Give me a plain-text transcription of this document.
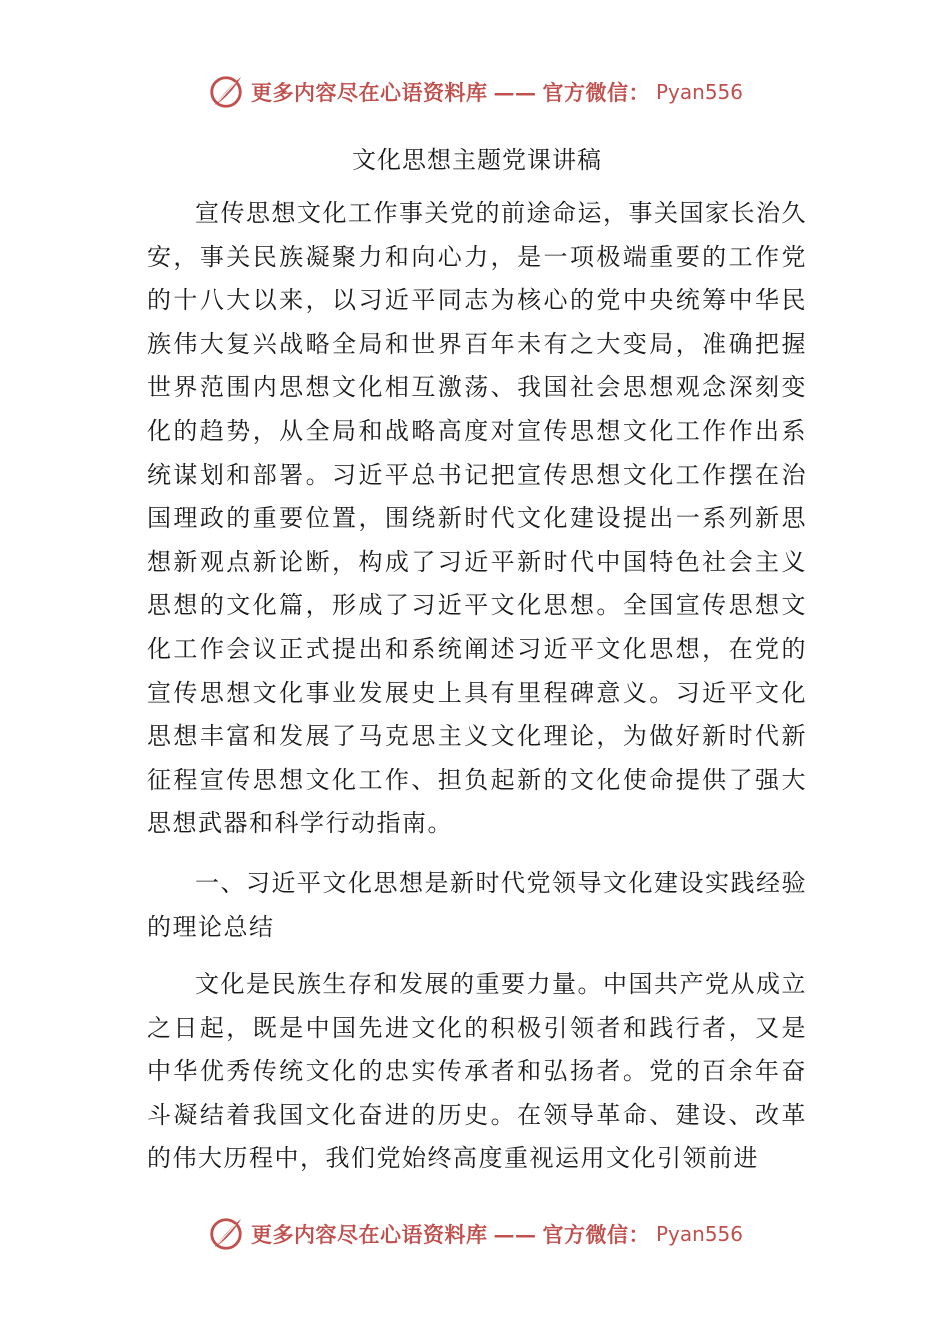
更多内容尽在心语资料库 —— 官方微信： Pyan556
文化思想主题党课讲稿

宣传思想文化工作事关党的前途命运，事关国家长治久安，事关民族凝聚力和向心力，是一项极端重要的工作党的十八大以来，以习近平同志为核心的党中央统筹中华民族伟大复兴战略全局和世界百年未有之大变局，准确把握世界范围内思想文化相互激荡、我国社会思想观念深刻变化的趋势，从全局和战略高度对宣传思想文化工作作出系统谋划和部署。习近平总书记把宣传思想文化工作摆在治国理政的重要位置，围绕新时代文化建设提出一系列新思想新观点新论断，构成了习近平新时代中国特色社会主义思想的文化篇，形成了习近平文化思想。全国宣传思想文化工作会议正式提出和系统阐述习近平文化思想，在党的宣传思想文化事业发展史上具有里程碑意义。习近平文化思想丰富和发展了马克思主义文化理论，为做好新时代新征程宣传思想文化工作、担负起新的文化使命提供了强大思想武器和科学行动指南。

一、习近平文化思想是新时代党领导文化建设实践经验的理论总结

文化是民族生存和发展的重要力量。中国共产党从成立之日起，既是中国先进文化的积极引领者和践行者，又是中华优秀传统文化的忠实传承者和弘扬者。党的百余年奋斗凝结着我国文化奋进的历史。在领导革命、建设、改革的伟大历程中，我们党始终高度重视运用文化引领前进

更多内容尽在心语资料库 —— 官方微信： Pyan556
